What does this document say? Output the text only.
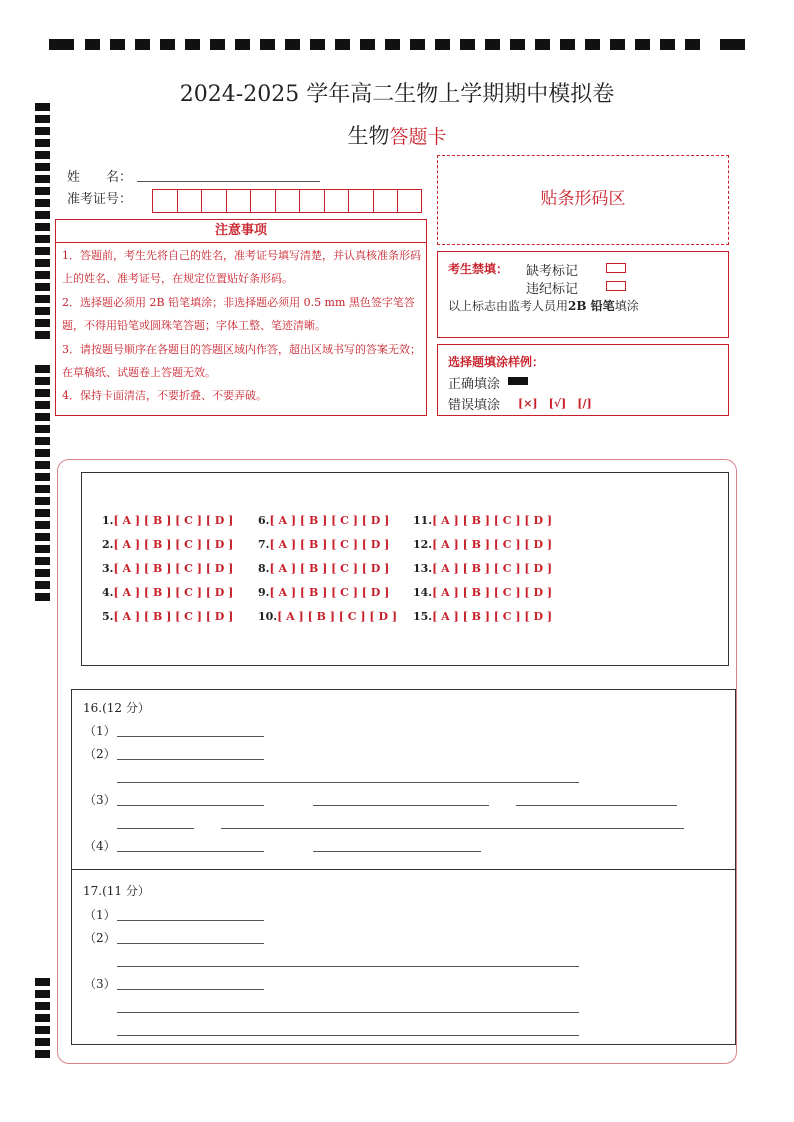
2024-2025 学年高二生物上学期期中模拟卷
生物答题卡
姓　　名：
准考证号：
注意事项
1．答题前，考生先将自己的姓名，准考证号填写清楚，并认真核准条形码上的姓名、准考证号，在规定位置贴好条形码。
2．选择题必须用 2B 铅笔填涂；非选择题必须用 0.5 mm 黑色签字笔答题，不得用铅笔或圆珠笔答题；字体工整、笔迹清晰。
3．请按题号顺序在各题目的答题区域内作答，超出区域书写的答案无效；在草稿纸、试题卷上答题无效。
4．保持卡面清洁，不要折叠、不要弄破。
贴条形码区
考生禁填： 缺考标记
违纪标记
以上标志由监考人员用2B 铅笔填涂
选择题填涂样例：
正确填涂
错误填涂 [×]　[√]　[/]
1.[ A ] [ B ] [ C ] [ D ]
2.[ A ] [ B ] [ C ] [ D ]
3.[ A ] [ B ] [ C ] [ D ]
4.[ A ] [ B ] [ C ] [ D ]
5.[ A ] [ B ] [ C ] [ D ]
6.[ A ] [ B ] [ C ] [ D ]
7.[ A ] [ B ] [ C ] [ D ]
8.[ A ] [ B ] [ C ] [ D ]
9.[ A ] [ B ] [ C ] [ D ]
10.[ A ] [ B ] [ C ] [ D ]
11.[ A ] [ B ] [ C ] [ D ]
12.[ A ] [ B ] [ C ] [ D ]
13.[ A ] [ B ] [ C ] [ D ]
14.[ A ] [ B ] [ C ] [ D ]
15.[ A ] [ B ] [ C ] [ D ]
16.(12 分）
（1）
（2）
（3）
（4）
17.(11 分）
（1）
（2）
（3）
